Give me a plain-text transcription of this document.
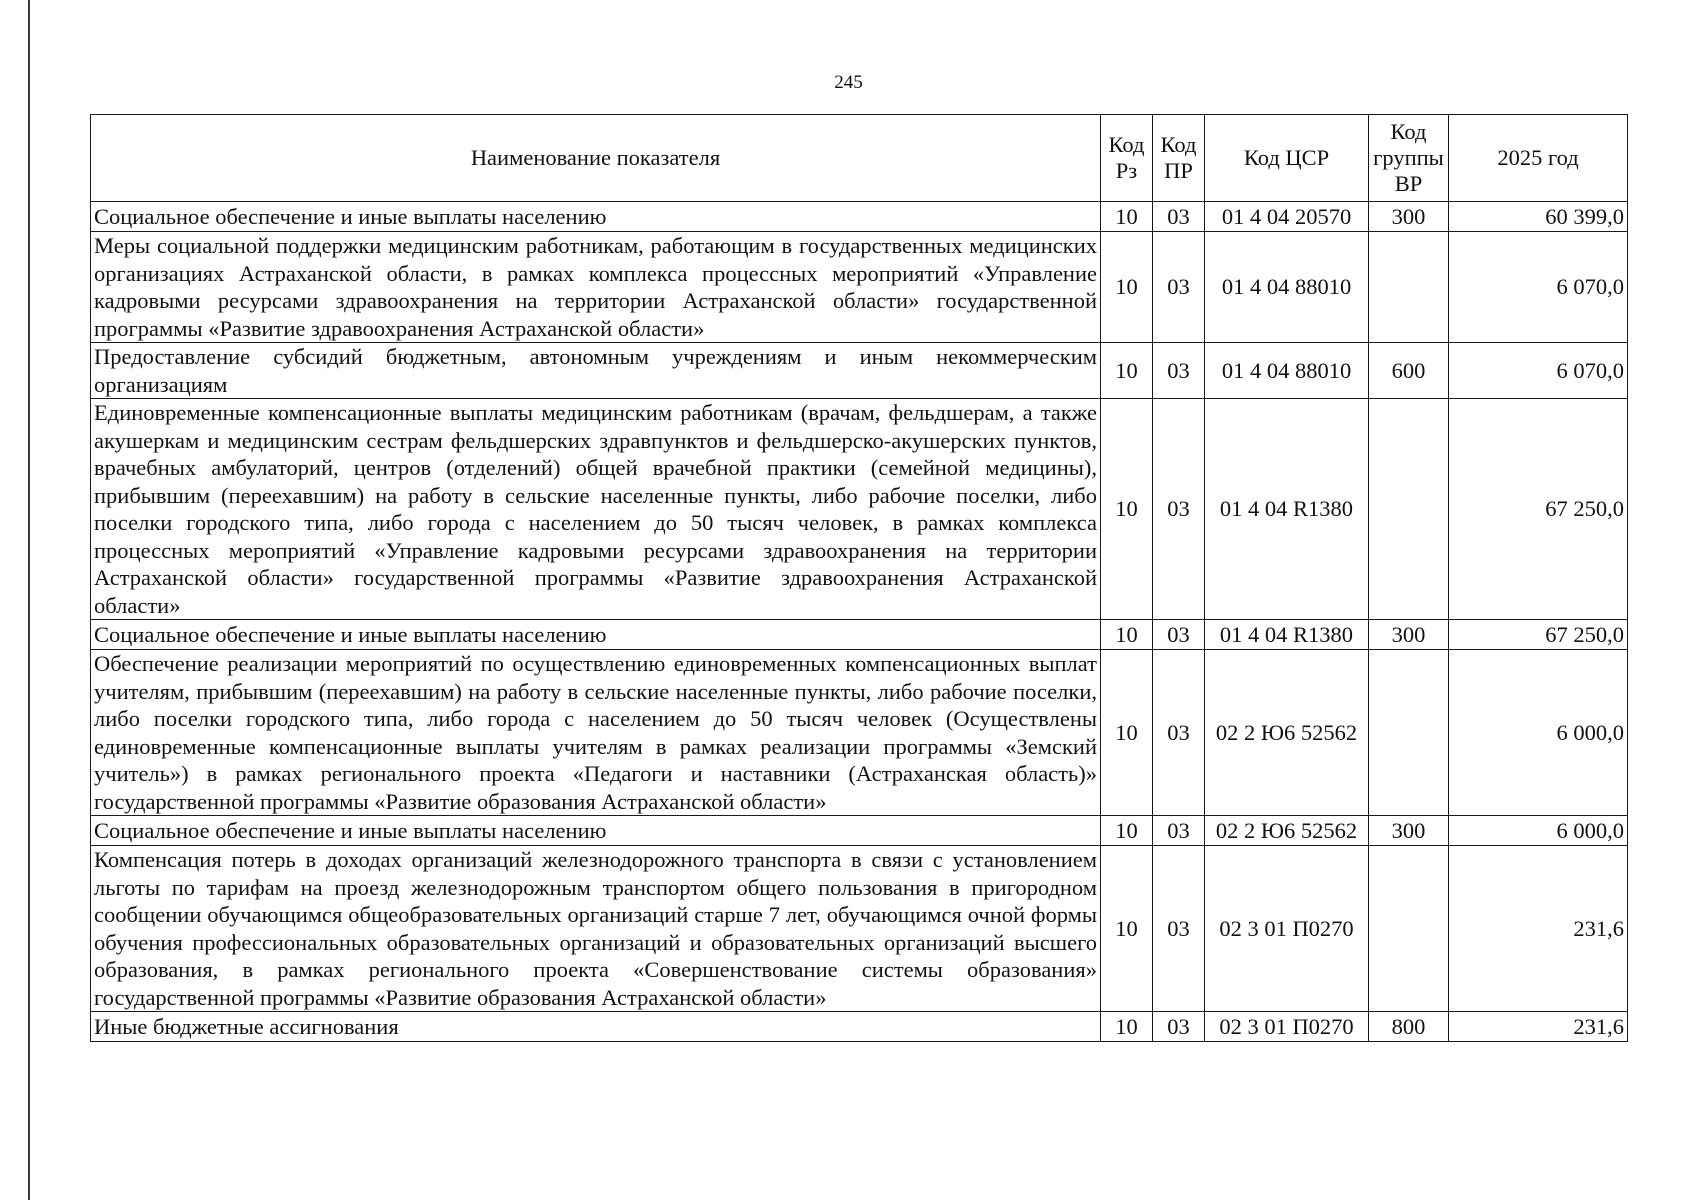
245
Наименование показателя	Код Рз	Код ПР	Код ЦСР	Код группы ВР	2025 год
Социальное обеспечение и иные выплаты населению	10	03	01 4 04 20570	300	60 399,0
Меры социальной поддержки медицинским работникам, работающим в государственных медицинских организациях Астраханской области, в рамках комплекса процессных мероприятий «Управление кадровыми ресурсами здравоохранения на территории Астраханской области» государственной программы «Развитие здравоохранения Астраханской области»	10	03	01 4 04 88010		6 070,0
Предоставление субсидий бюджетным, автономным учреждениям и иным некоммерческим организациям	10	03	01 4 04 88010	600	6 070,0
Единовременные компенсационные выплаты медицинским работникам (врачам, фельдшерам, а также акушеркам и медицинским сестрам фельдшерских здравпунктов и фельдшерско-акушерских пунктов, врачебных амбулаторий, центров (отделений) общей врачебной практики (семейной медицины), прибывшим (переехавшим) на работу в сельские населенные пункты, либо рабочие поселки, либо поселки городского типа, либо города с населением до 50 тысяч человек, в рамках комплекса процессных мероприятий «Управление кадровыми ресурсами здравоохранения на территории Астраханской области» государственной программы «Развитие здравоохранения Астраханской области»	10	03	01 4 04 R1380		67 250,0
Социальное обеспечение и иные выплаты населению	10	03	01 4 04 R1380	300	67 250,0
Обеспечение реализации мероприятий по осуществлению единовременных компенсационных выплат учителям, прибывшим (переехавшим) на работу в сельские населенные пункты, либо рабочие поселки, либо поселки городского типа, либо города с населением до 50 тысяч человек (Осуществлены единовременные компенсационные выплаты учителям в рамках реализации программы «Земский учитель») в рамках регионального проекта «Педагоги и наставники (Астраханская область)» государственной программы «Развитие образования Астраханской области»	10	03	02 2 Ю6 52562		6 000,0
Социальное обеспечение и иные выплаты населению	10	03	02 2 Ю6 52562	300	6 000,0
Компенсация потерь в доходах организаций железнодорожного транспорта в связи с установлением льготы по тарифам на проезд железнодорожным транспортом общего пользования в пригородном сообщении обучающимся общеобразовательных организаций старше 7 лет, обучающимся очной формы обучения профессиональных образовательных организаций и образовательных организаций высшего образования, в рамках регионального проекта «Совершенствование системы образования» государственной программы «Развитие образования Астраханской области»	10	03	02 3 01 П0270		231,6
Иные бюджетные ассигнования	10	03	02 3 01 П0270	800	231,6
